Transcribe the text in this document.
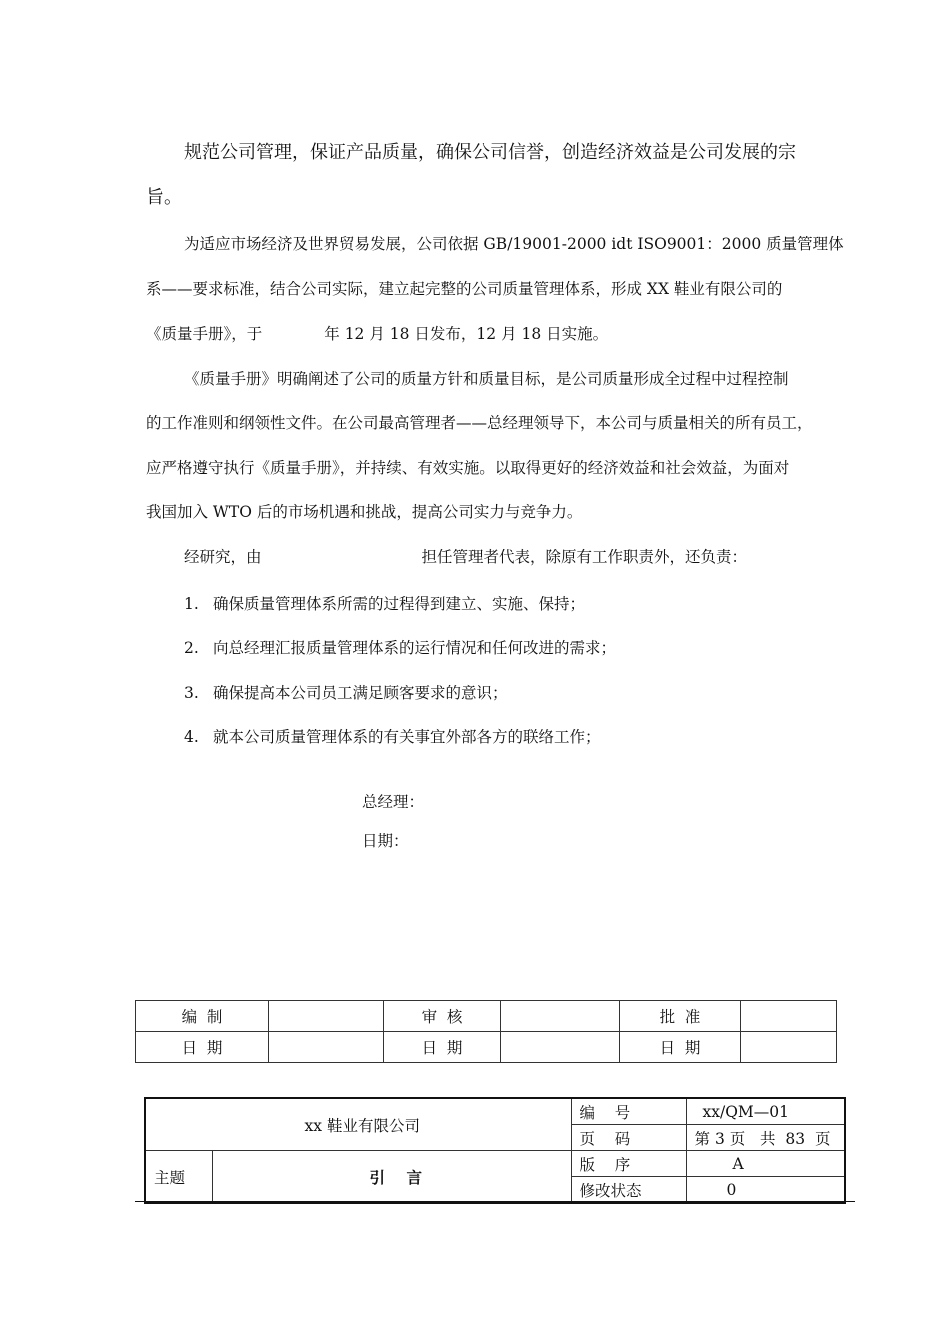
规范公司管理，保证产品质量，确保公司信誉，创造经济效益是公司发展的宗
旨。
为适应市场经济及世界贸易发展，公司依据 GB/19001-2000 idt ISO9001：2000 质量管理体
系——要求标准，结合公司实际，建立起完整的公司质量管理体系，形成 XX 鞋业有限公司的
《质量手册》，于	年 12 月 18 日发布，12 月 18 日实施。
《质量手册》明确阐述了公司的质量方针和质量目标，是公司质量形成全过程中过程控制
的工作准则和纲领性文件。在公司最高管理者——总经理领导下，本公司与质量相关的所有员工，
应严格遵守执行《质量手册》，并持续、有效实施。以取得更好的经济效益和社会效益，为面对
我国加入 WTO 后的市场机遇和挑战，提高公司实力与竞争力。
经研究，由	担任管理者代表，除原有工作职责外，还负责：
1. 确保质量管理体系所需的过程得到建立、实施、保持；
2. 向总经理汇报质量管理体系的运行情况和任何改进的需求；
3. 确保提高本公司员工满足顾客要求的意识；
4. 就本公司质量管理体系的有关事宜外部各方的联络工作；
总经理：
日期：
编  制		审  核		批  准	
日  期		日  期		日  期	
xx 鞋业有限公司		编    号	xx/QM—01
		页    码	第 3 页   共  83  页
主题	引    言	版    序	A
		修改状态	0
